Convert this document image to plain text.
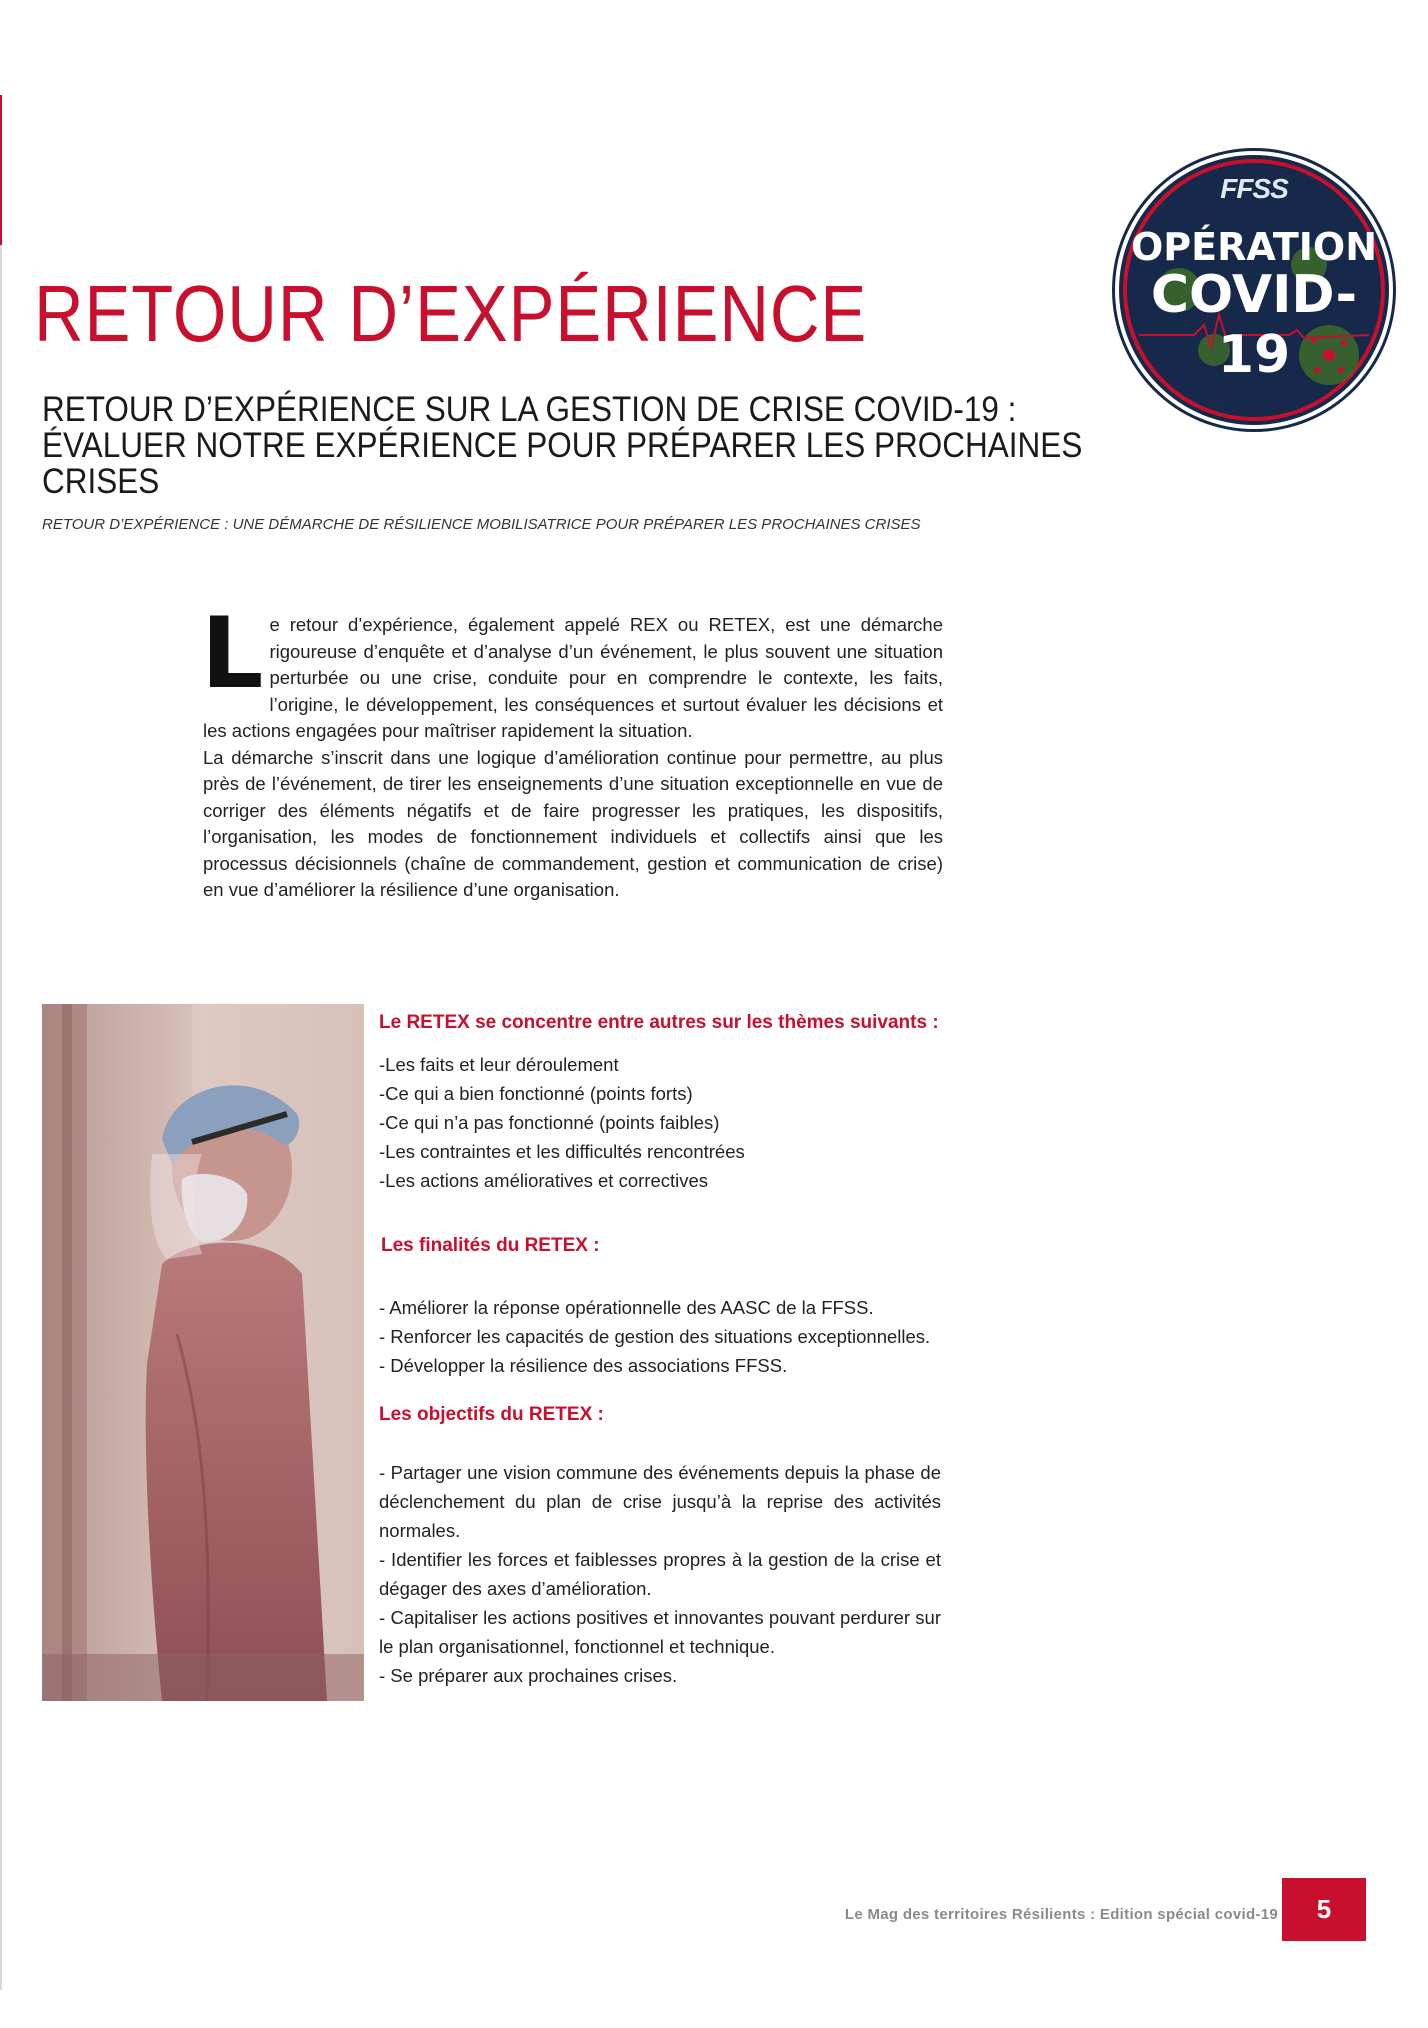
FFSS
OPÉRATION
COVID-19
RETOUR D’EXPÉRIENCE
RETOUR D’EXPÉRIENCE SUR LA GESTION DE CRISE COVID-19 : ÉVALUER NOTRE EXPÉRIENCE POUR PRÉPARER LES PROCHAINES CRISES

RETOUR D’EXPÉRIENCE : UNE DÉMARCHE DE RÉSILIENCE MOBILISATRICE POUR PRÉPARER LES PROCHAINES CRISES

L e retour d’expérience, également appelé REX ou RETEX, est une démarche rigoureuse d’enquête et d’analyse d’un événement, le plus souvent une situation perturbée ou une crise, conduite pour en comprendre le contexte, les faits, l’origine, le développement, les conséquences et surtout évaluer les décisions et les actions engagées pour maîtriser rapidement la situation.

La démarche s’inscrit dans une logique d’amélioration continue pour permettre, au plus près de l’événement, de tirer les enseignements d’une situation exceptionnelle en vue de corriger des éléments négatifs et de faire progresser les pratiques, les dispositifs, l’organisation, les modes de fonctionnement individuels et collectifs ainsi que les processus décisionnels (chaîne de commandement, gestion et communication de crise) en vue d’améliorer la résilience d’une organisation.

Le RETEX se concentre entre autres sur les thèmes suivants :
-Les faits et leur déroulement
-Ce qui a bien fonctionné (points forts)
-Ce qui n’a pas fonctionné (points faibles)
-Les contraintes et les difficultés rencontrées
-Les actions amélioratives et correctives
Les finalités du RETEX :
- Améliorer la réponse opérationnelle des AASC de la FFSS.
- Renforcer les capacités de gestion des situations exceptionnelles.
- Développer la résilience des associations FFSS.
Les objectifs du RETEX :
- Partager une vision commune des événements depuis la phase de déclenchement du plan de crise jusqu’à la reprise des activités normales.
- Identifier les forces et faiblesses propres à la gestion de la crise et dégager des axes d’amélioration.
- Capitaliser les actions positives et innovantes pouvant perdurer sur le plan organisationnel, fonctionnel et technique.
- Se préparer aux prochaines crises.
Le Mag des territoires Résilients : Edition spécial covid-19	5
